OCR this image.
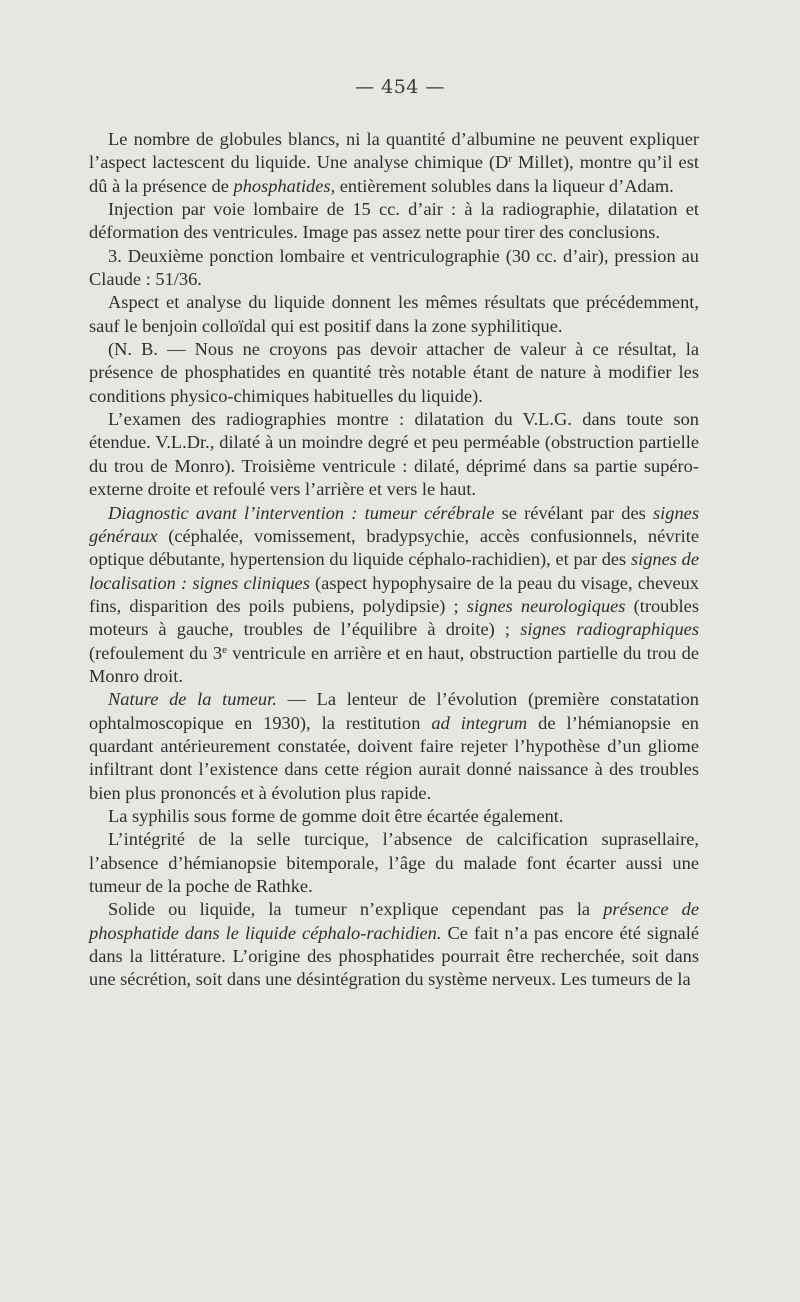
— 454 —

Le nombre de globules blancs, ni la quantité d’albumine ne peuvent expliquer l’aspect lactescent du liquide. Une analyse chimique ($D^r$ Millet), montre qu’il est dû à la présence de phosphatides, entièrement solubles dans la liqueur d’Adam.

Injection par voie lombaire de 15 cc. d’air : à la radiographie, dilatation et déformation des ventricules. Image pas assez nette pour tirer des conclusions.

3. Deuxième ponction lombaire et ventriculographie (30 cc. d’air), pression au Claude : 51/36.

Aspect et analyse du liquide donnent les mêmes résultats que précédemment, sauf le benjoin colloïdal qui est positif dans la zone syphilitique.

(N. B. — Nous ne croyons pas devoir attacher de valeur à ce résultat, la présence de phosphatides en quantité très notable étant de nature à modifier les conditions physico-chimiques habituelles du liquide).

L’examen des radiographies montre : dilatation du V.L.G. dans toute son étendue. V.L.Dr., dilaté à un moindre degré et peu perméable (obstruction partielle du trou de Monro). Troisième ventricule : dilaté, déprimé dans sa partie supéro-externe droite et refoulé vers l’arrière et vers le haut.

Diagnostic avant l’intervention : tumeur cérébrale se révélant par des signes généraux (céphalée, vomissement, bradypsychie, accès confusionnels, névrite optique débutante, hypertension du liquide céphalo-rachidien), et par des signes de localisation : signes cliniques (aspect hypophysaire de la peau du visage, cheveux fins, disparition des poils pubiens, polydipsie) ; signes neurologiques (troubles moteurs à gauche, troubles de l’équilibre à droite) ; signes radiographiques (refoulement du 3e ventricule en arrière et en haut, obstruction partielle du trou de Monro droit.

Nature de la tumeur. — La lenteur de l’évolution (première constatation ophtalmoscopique en 1930), la restitution ad integrum de l’hémianopsie en quardant antérieurement constatée, doivent faire rejeter l’hypothèse d’un gliome infiltrant dont l’existence dans cette région aurait donné naissance à des troubles bien plus prononcés et à évolution plus rapide.

La syphilis sous forme de gomme doit être écartée également.

L’intégrité de la selle turcique, l’absence de calcification suprasellaire, l’absence d’hémianopsie bitemporale, l’âge du malade font écarter aussi une tumeur de la poche de Rathke.

Solide ou liquide, la tumeur n’explique cependant pas la présence de phosphatide dans le liquide céphalo-rachidien. Ce fait n’a pas encore été signalé dans la littérature. L’origine des phosphatides pourrait être recherchée, soit dans une sécrétion, soit dans une désintégration du système nerveux. Les tumeurs de la
